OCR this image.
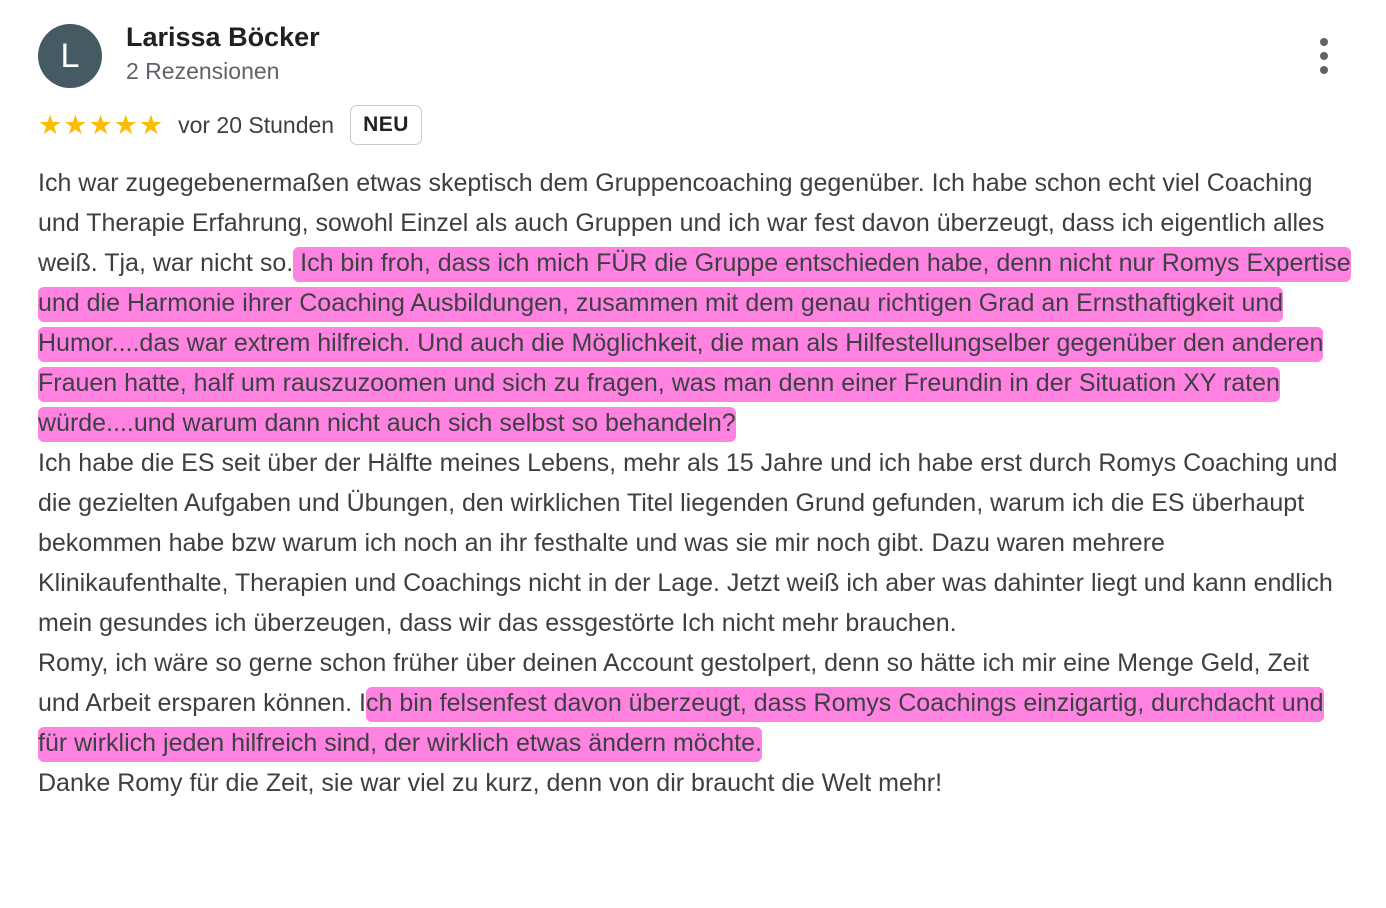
L	Larissa Böcker
2 Rezensionen
★ ★ ★ ★ ★ vor 20 Stunden	NEU

Ich war zugegebenermaßen etwas skeptisch dem Gruppencoaching gegenüber. Ich habe schon echt viel Coaching und Therapie Erfahrung, sowohl Einzel als auch Gruppen und ich war fest davon überzeugt, dass ich eigentlich alles weiß. Tja, war nicht so. Ich bin froh, dass ich mich FÜR die Gruppe entschieden habe, denn nicht nur Romys Expertise und die Harmonie ihrer Coaching Ausbildungen, zusammen mit dem genau richtigen Grad an Ernsthaftigkeit und Humor....das war extrem hilfreich. Und auch die Möglichkeit, die man als Hilfestellungselber gegenüber den anderen Frauen hatte, half um rauszuzoomen und sich zu fragen, was man denn einer Freundin in der Situation XY raten würde....und warum dann nicht auch sich selbst so behandeln?

Ich habe die ES seit über der Hälfte meines Lebens, mehr als 15 Jahre und ich habe erst durch Romys Coaching und die gezielten Aufgaben und Übungen, den wirklichen Titel liegenden Grund gefunden, warum ich die ES überhaupt bekommen habe bzw warum ich noch an ihr festhalte und was sie mir noch gibt. Dazu waren mehrere Klinikaufenthalte, Therapien und Coachings nicht in der Lage. Jetzt weiß ich aber was dahinter liegt und kann endlich mein gesundes ich überzeugen, dass wir das essgestörte Ich nicht mehr brauchen.

Romy, ich wäre so gerne schon früher über deinen Account gestolpert, denn so hätte ich mir eine Menge Geld, Zeit und Arbeit ersparen können. Ich bin felsenfest davon überzeugt, dass Romys Coachings einzigartig, durchdacht und für wirklich jeden hilfreich sind, der wirklich etwas ändern möchte.

Danke Romy für die Zeit, sie war viel zu kurz, denn von dir braucht die Welt mehr!
